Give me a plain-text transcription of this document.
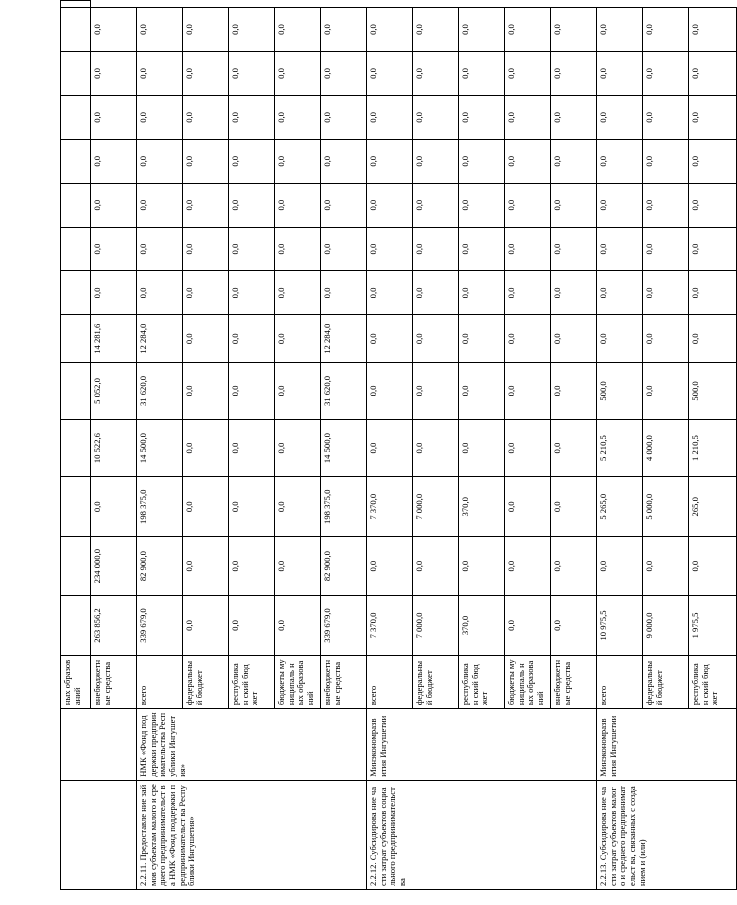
		ных образований														
		внебюджетн ые средства	263 856,2	234 000,0	0,0	10 522,6	5 052,0	14 281,6	0,0	0,0	0,0	0,0	0,0	0,0	0,0	
2.2.11. Предоставле ние займов субъектам малого и среднего предпринимательст ва НМК «Фонд поддержки предпринимательст ва Республики Ингушетия»	НМК «Фонд поддержки предпринимательства Республики Ингушетия»	всего	339 679,0	82 900,0	198 375,0	14 500,0	31 620,0	12 284,0	0,0	0,0	0,0	0,0	0,0	0,0	0,0	
		федеральны й бюджет	0,0	0,0	0,0	0,0	0,0	0,0	0,0	0,0	0,0	0,0	0,0	0,0	0,0	
		республикан ский бюджет	0,0	0,0	0,0	0,0	0,0	0,0	0,0	0,0	0,0	0,0	0,0	0,0	0,0	
		бюджеты муниципаль ных образований	0,0	0,0	0,0	0,0	0,0	0,0	0,0	0,0	0,0	0,0	0,0	0,0	0,0	
		внебюджетн ые средства	339 679,0	82 900,0	198 375,0	14 500,0	31 620,0	12 284,0	0,0	0,0	0,0	0,0	0,0	0,0	0,0	
2.2.12. Субсидирова ние части затрат субъектов социального предпринимательст ва	Минэкономразв ития Ингушетии	всего	7 370,0	0,0	7 370,0	0,0	0,0	0,0	0,0	0,0	0,0	0,0	0,0	0,0	0,0	
		федеральны й бюджет	7 000,0	0,0	7 000,0	0,0	0,0	0,0	0,0	0,0	0,0	0,0	0,0	0,0	0,0	
		республикан ский бюджет	370,0	0,0	370,0	0,0	0,0	0,0	0,0	0,0	0,0	0,0	0,0	0,0	0,0	
		бюджеты муниципаль ных образований	0,0	0,0	0,0	0,0	0,0	0,0	0,0	0,0	0,0	0,0	0,0	0,0	0,0	
		внебюджетн ые средства	0,0	0,0	0,0	0,0	0,0	0,0	0,0	0,0	0,0	0,0	0,0	0,0	0,0	
2.2.13. Субсидирова ние части затрат субъектов малого и среднего предпринимательст ва, связанных с созданием и (или)	Минэкономразв ития Ингушетии	всего	10 975,5	0,0	5 265,0	5 210,5	500,0	0,0	0,0	0,0	0,0	0,0	0,0	0,0	0,0	
		федеральны й бюджет	9 000,0	0,0	5 000,0	4 000,0	0,0	0,0	0,0	0,0	0,0	0,0	0,0	0,0	0,0	
		республикан ский бюджет	1 975,5	0,0	265,0	1 210,5	500,0	0,0	0,0	0,0	0,0	0,0	0,0	0,0	0,0	
